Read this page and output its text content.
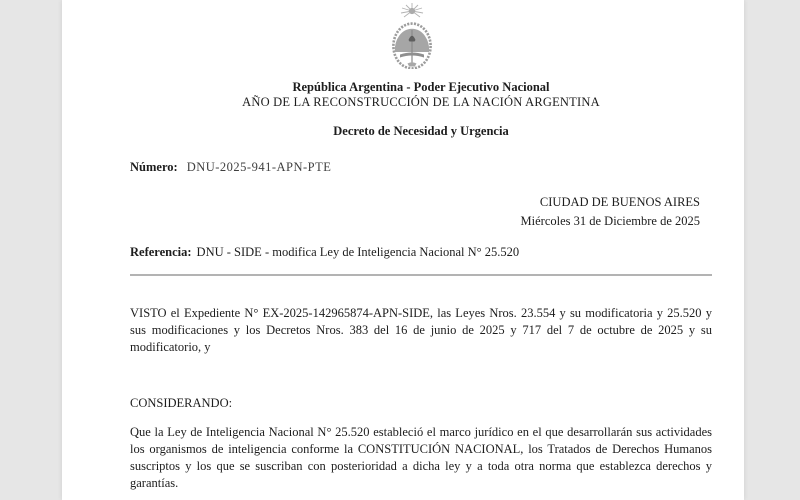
República Argentina - Poder Ejecutivo Nacional
AÑO DE LA RECONSTRUCCIÓN DE LA NACIÓN ARGENTINA
Decreto de Necesidad y Urgencia
Número: DNU-2025-941-APN-PTE
CIUDAD DE BUENOS AIRES
Miércoles 31 de Diciembre de 2025
Referencia: DNU - SIDE - modifica Ley de Inteligencia Nacional N° 25.520
VISTO el Expediente N° EX-2025-142965874-APN-SIDE, las Leyes Nros. 23.554 y su modificatoria y 25.520 y sus modificaciones y los Decretos Nros. 383 del 16 de junio de 2025 y 717 del 7 de octubre de 2025 y su modificatorio, y
CONSIDERANDO:
Que la Ley de Inteligencia Nacional N° 25.520 estableció el marco jurídico en el que desarrollarán sus actividades los organismos de inteligencia conforme la CONSTITUCIÓN NACIONAL, los Tratados de Derechos Humanos suscriptos y los que se suscriban con posterioridad a dicha ley y a toda otra norma que establezca derechos y garantías.
